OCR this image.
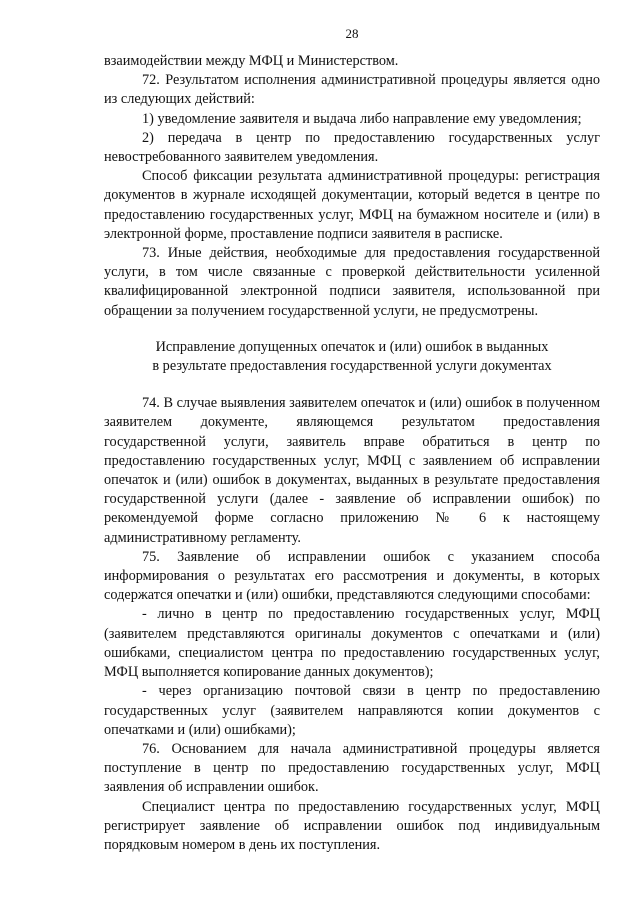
28

взаимодействии между МФЦ и Министерством.

72. Результатом исполнения административной процедуры является одно из следующих действий:

1) уведомление заявителя и выдача либо направление ему уведомления;

2) передача в центр по предоставлению государственных услуг невостребованного заявителем уведомления.

Способ фиксации результата административной процедуры: регистрация документов в журнале исходящей документации, который ведется в центре по предоставлению государственных услуг, МФЦ на бумажном носителе и (или) в электронной форме, проставление подписи заявителя в расписке.

73. Иные действия, необходимые для предоставления государственной услуги, в том числе связанные с проверкой действительности усиленной квалифицированной электронной подписи заявителя, использованной при обращении за получением государственной услуги, не предусмотрены.

Исправление допущенных опечаток и (или) ошибок в выданных
в результате предоставления государственной услуги документах

74. В случае выявления заявителем опечаток и (или) ошибок в полученном заявителем документе, являющемся результатом предоставления государственной услуги, заявитель вправе обратиться в центр по предоставлению государственных услуг, МФЦ с заявлением об исправлении опечаток и (или) ошибок в документах, выданных в результате предоставления государственной услуги (далее - заявление об исправлении ошибок) по рекомендуемой форме согласно приложению № 6 к настоящему административному регламенту.

75. Заявление об исправлении ошибок с указанием способа информирования о результатах его рассмотрения и документы, в которых содержатся опечатки и (или) ошибки, представляются следующими способами:

- лично в центр по предоставлению государственных услуг, МФЦ (заявителем представляются оригиналы документов с опечатками и (или) ошибками, специалистом центра по предоставлению государственных услуг, МФЦ выполняется копирование данных документов);

- через организацию почтовой связи в центр по предоставлению государственных услуг (заявителем направляются копии документов с опечатками и (или) ошибками);

76. Основанием для начала административной процедуры является поступление в центр по предоставлению государственных услуг, МФЦ заявления об исправлении ошибок.

Специалист центра по предоставлению государственных услуг, МФЦ регистрирует заявление об исправлении ошибок под индивидуальным порядковым номером в день их поступления.
